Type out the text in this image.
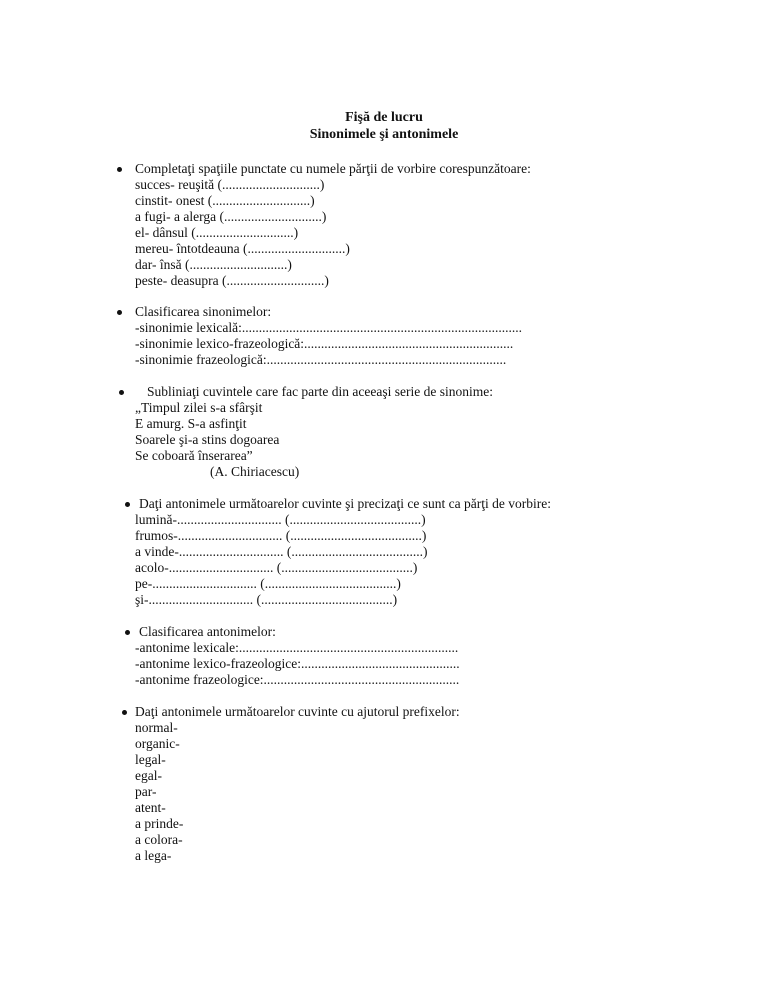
Fişă de lucru
Sinonimele şi antonimele
Completaţi spaţiile punctate cu numele părţii de vorbire corespunzătoare:
succes- reuşită (.............................)
cinstit- onest (.............................)
a fugi- a alerga (.............................)
el- dânsul (.............................)
mereu- întotdeauna (.............................)
dar- însă (.............................)
peste- deasupra (.............................)
Clasificarea sinonimelor:
-sinonimie lexicală:...................................................................................
-sinonimie lexico-frazeologică:..............................................................
-sinonimie frazeologică:.......................................................................
Subliniaţi cuvintele care fac parte din aceeaşi serie de sinonime:
„Timpul zilei s-a sfârşit
E amurg. S-a asfinţit
Soarele şi-a stins dogoarea
Se coboară înserarea”
(A. Chiriacescu)
Daţi antonimele următoarelor cuvinte şi precizaţi ce sunt ca părţi de vorbire:
lumină-............................... (.......................................)
frumos-............................... (.......................................)
a vinde-............................... (.......................................)
acolo-............................... (.......................................)
pe-............................... (.......................................)
şi-............................... (.......................................)
Clasificarea antonimelor:
-antonime lexicale:.................................................................
-antonime lexico-frazeologice:...............................................
-antonime frazeologice:..........................................................
Daţi antonimele următoarelor cuvinte cu ajutorul prefixelor:
normal-
organic-
legal-
egal-
par-
atent-
a prinde-
a colora-
a lega-
